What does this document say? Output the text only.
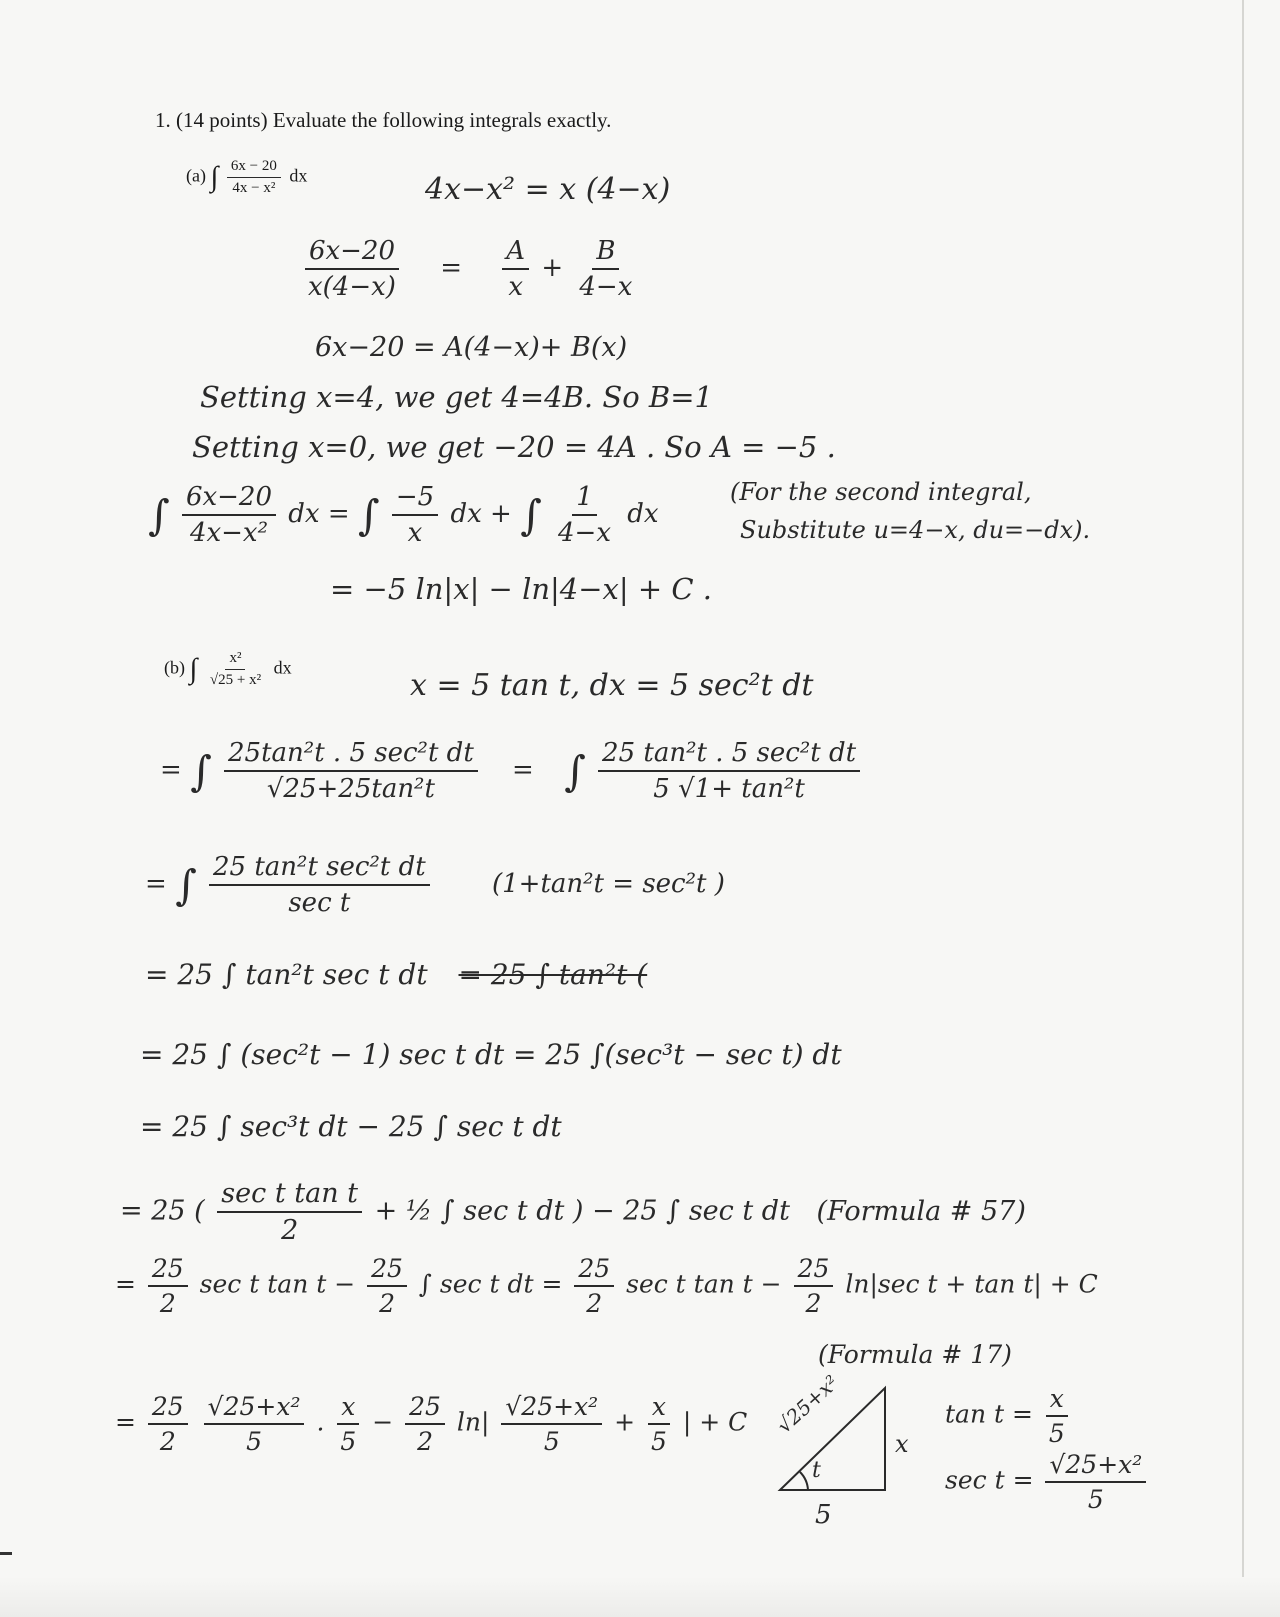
1. (14 points) Evaluate the following integrals exactly.
(a) ∫ $\frac{6x - 20}{\text{4x − x²}}$ dx	4x−x² = x (4−x)
$\frac{6x-20}{x(4-x)} = \frac{A}{x} + \frac{B}{4-x}$
6x−20 = A(4−x)+ B(x)
Setting x=4, we get 4=4B. So B=1
Setting x=0, we get −20 = 4A . So A = −5 .
∫ $\frac{6x-20}{\text{4x−x²}}$ dx = ∫ $\frac{-5}{x}$ dx + ∫ $\frac{1}{4-x}$ dx
(For the second integral,
Substitute u=4−x, du=−dx).
= −5 ln|x| − ln|4−x| + C .
(b) ∫ $\frac{\text{x²}}{\text{√25 + x²}}$ dx
x = 5 tan t, dx = 5 sec²t dt
= ∫ $\frac{\text{25tan²t . 5 sec²t dt}}{\text{√25+25tan²t}}$ = ∫ $\frac{\text{25 tan²t . 5 sec²t dt}}{\text{5 √1+ tan²t}}$
= ∫ $\frac{\text{25 tan²t sec²t dt}}{\text{sec t}} (1+\tan^2t = \sec^2t$ )
= 25 ∫ tan²t sec t dt = 25 ∫ tan²t (
= 25 ∫ (sec²t − 1) sec t dt = 25 ∫(sec³t − sec t) dt
= 25 ∫ sec³t dt − 25 ∫ sec t dt
= 25 ( $\frac{\text{sec t tan t}}{2}$ + ½ ∫ sec t dt ) − 25 ∫ sec t dt (Formula # 57)
= $\frac{25}{2}$ sec t $\tan t - \frac{25}{2}$ ∫ sec t dt = $\frac{25}{2}$ sec t $\tan t - \frac{25}{2} \ln|\sec$ t + tan t| + C
(Formula # 17)
= $\frac{25}{2}$
$\frac{\text{√25+x²}}{5}$ . $\frac{x}{5} - \frac{25}{2} \ln| \frac{\text{√25+x²}}{5} + \frac{x}{5}$ | + C √25+x²
x
5
t
$\tan t = \frac{x}{5}$
$\sec t = \frac{\text{√25+x²}}{5}$
